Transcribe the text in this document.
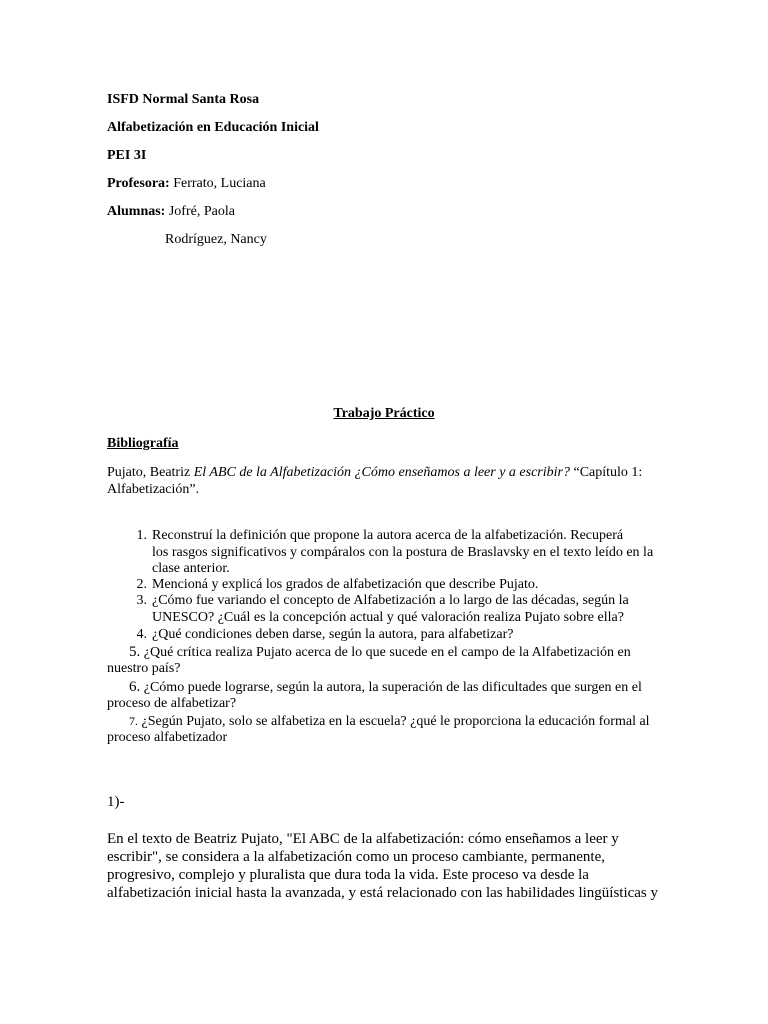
ISFD Normal Santa Rosa
Alfabetización en Educación Inicial
PEI 3I
Profesora: Ferrato, Luciana
Alumnas: Jofré, Paola
Rodríguez, Nancy
Trabajo Práctico
Bibliografía
Pujato, Beatriz El ABC de la Alfabetización ¿Cómo enseñamos a leer y a escribir? “Capítulo 1:
Alfabetización”.
1. Reconstruí la definición que propone la autora acerca de la alfabetización. Recuperá
los rasgos significativos y compáralos con la postura de Braslavsky en el texto leído en la
clase anterior.
2. Mencioná y explicá los grados de alfabetización que describe Pujato.
3. ¿Cómo fue variando el concepto de Alfabetización a lo largo de las décadas, según la
UNESCO? ¿Cuál es la concepción actual y qué valoración realiza Pujato sobre ella?
4. ¿Qué condiciones deben darse, según la autora, para alfabetizar?
5. ¿Qué crítica realiza Pujato acerca de lo que sucede en el campo de la Alfabetización en
nuestro país?
6. ¿Cómo puede lograrse, según la autora, la superación de las dificultades que surgen en el
proceso de alfabetizar?
7. ¿Según Pujato, solo se alfabetiza en la escuela? ¿qué le proporciona la educación formal al
proceso alfabetizador
1)-
En el texto de Beatriz Pujato, "El ABC de la alfabetización: cómo enseñamos a leer y
escribir", se considera a la alfabetización como un proceso cambiante, permanente,
progresivo, complejo y pluralista que dura toda la vida. Este proceso va desde la
alfabetización inicial hasta la avanzada, y está relacionado con las habilidades lingüísticas y
